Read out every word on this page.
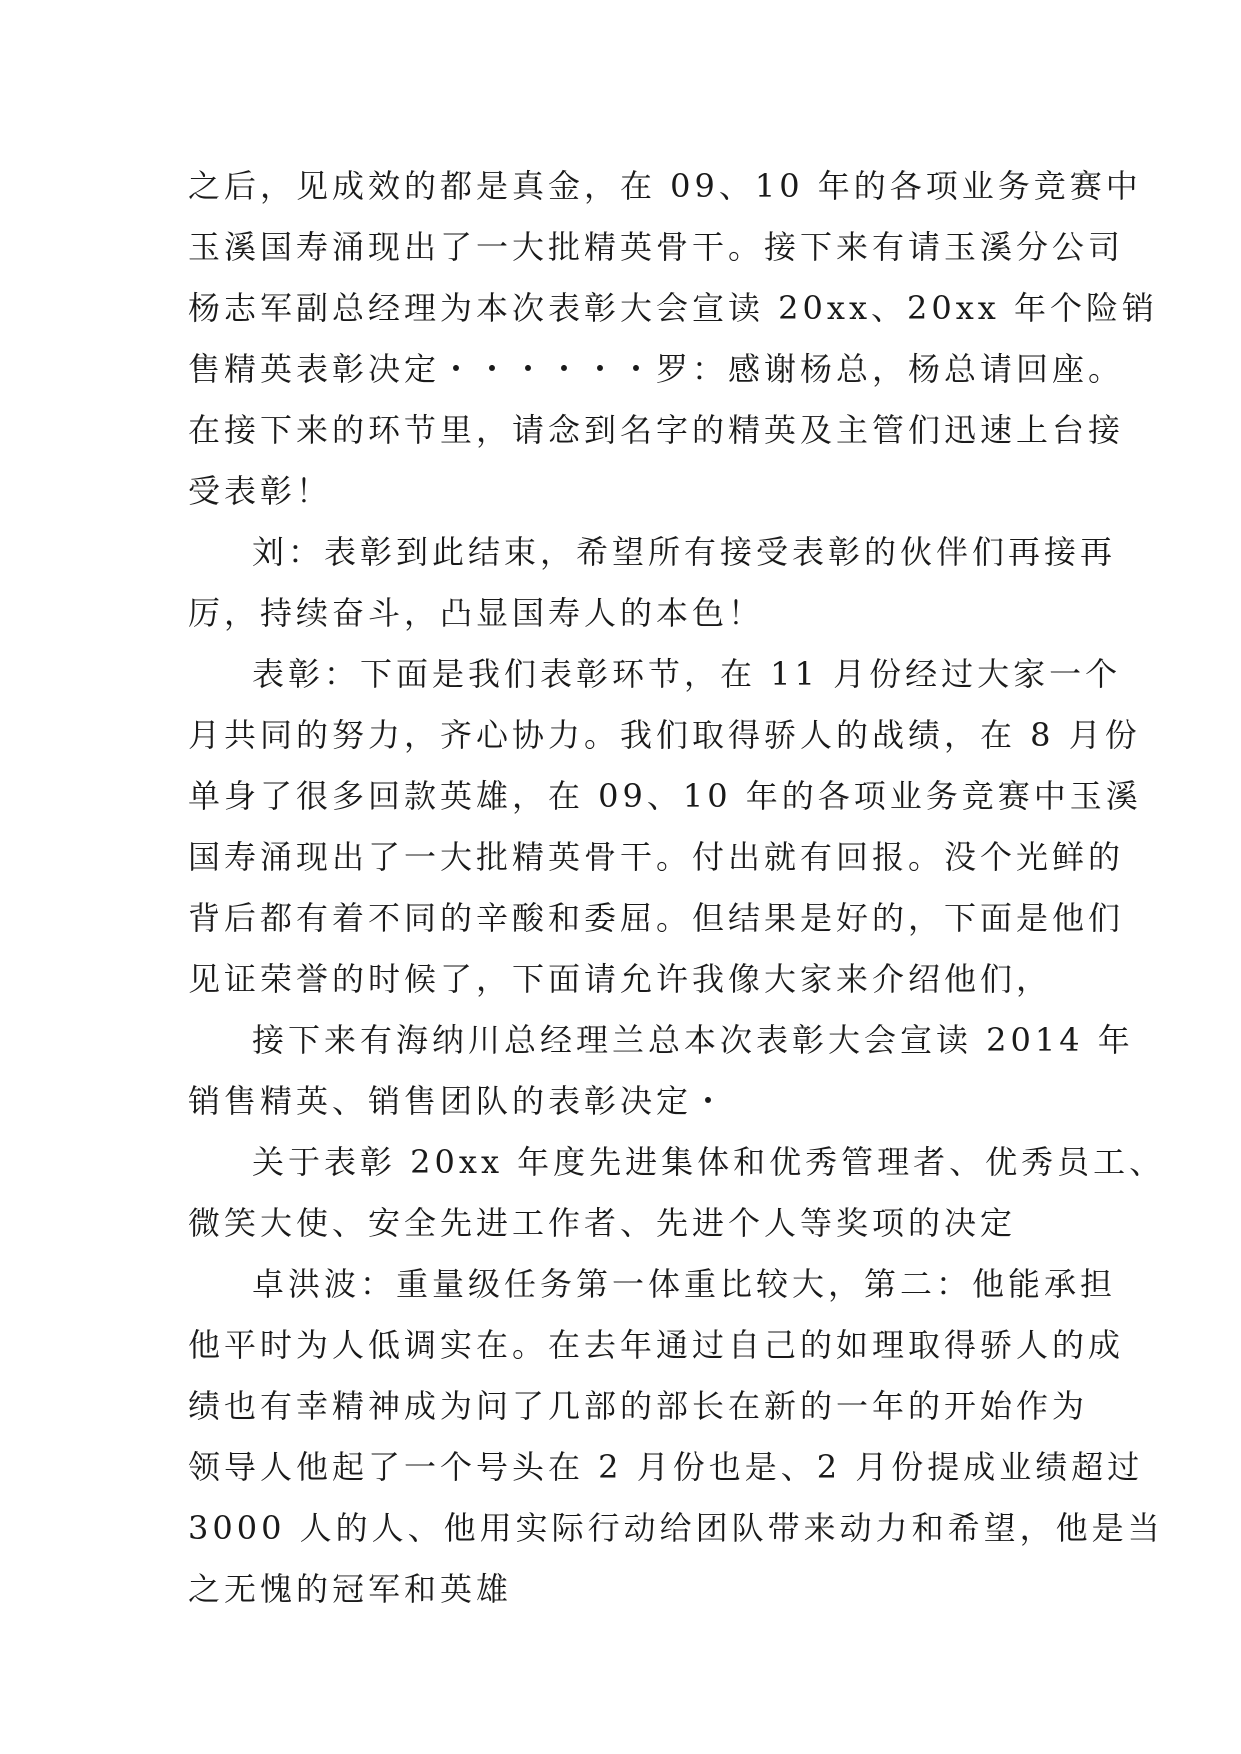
之后，见成效的都是真金，在 09、10 年的各项业务竞赛中
玉溪国寿涌现出了一大批精英骨干。接下来有请玉溪分公司
杨志军副总经理为本次表彰大会宣读 20xx、20xx 年个险销
售精英表彰决定・・・・・・罗：感谢杨总，杨总请回座。
在接下来的环节里，请念到名字的精英及主管们迅速上台接
受表彰！
刘：表彰到此结束，希望所有接受表彰的伙伴们再接再
厉，持续奋斗，凸显国寿人的本色！
表彰：下面是我们表彰环节，在 11 月份经过大家一个
月共同的努力，齐心协力。我们取得骄人的战绩，在 8 月份
单身了很多回款英雄，在 09、10 年的各项业务竞赛中玉溪
国寿涌现出了一大批精英骨干。付出就有回报。没个光鲜的
背后都有着不同的辛酸和委屈。但结果是好的，下面是他们
见证荣誉的时候了，下面请允许我像大家来介绍他们，
接下来有海纳川总经理兰总本次表彰大会宣读 2014 年
销售精英、销售团队的表彰决定・
关于表彰 20xx 年度先进集体和优秀管理者、优秀员工、
微笑大使、安全先进工作者、先进个人等奖项的决定
卓洪波：重量级任务第一体重比较大，第二：他能承担
他平时为人低调实在。在去年通过自己的如理取得骄人的成
绩也有幸精神成为问了几部的部长在新的一年的开始作为
领导人他起了一个号头在 2 月份也是、2 月份提成业绩超过
3000 人的人、他用实际行动给团队带来动力和希望，他是当
之无愧的冠军和英雄
